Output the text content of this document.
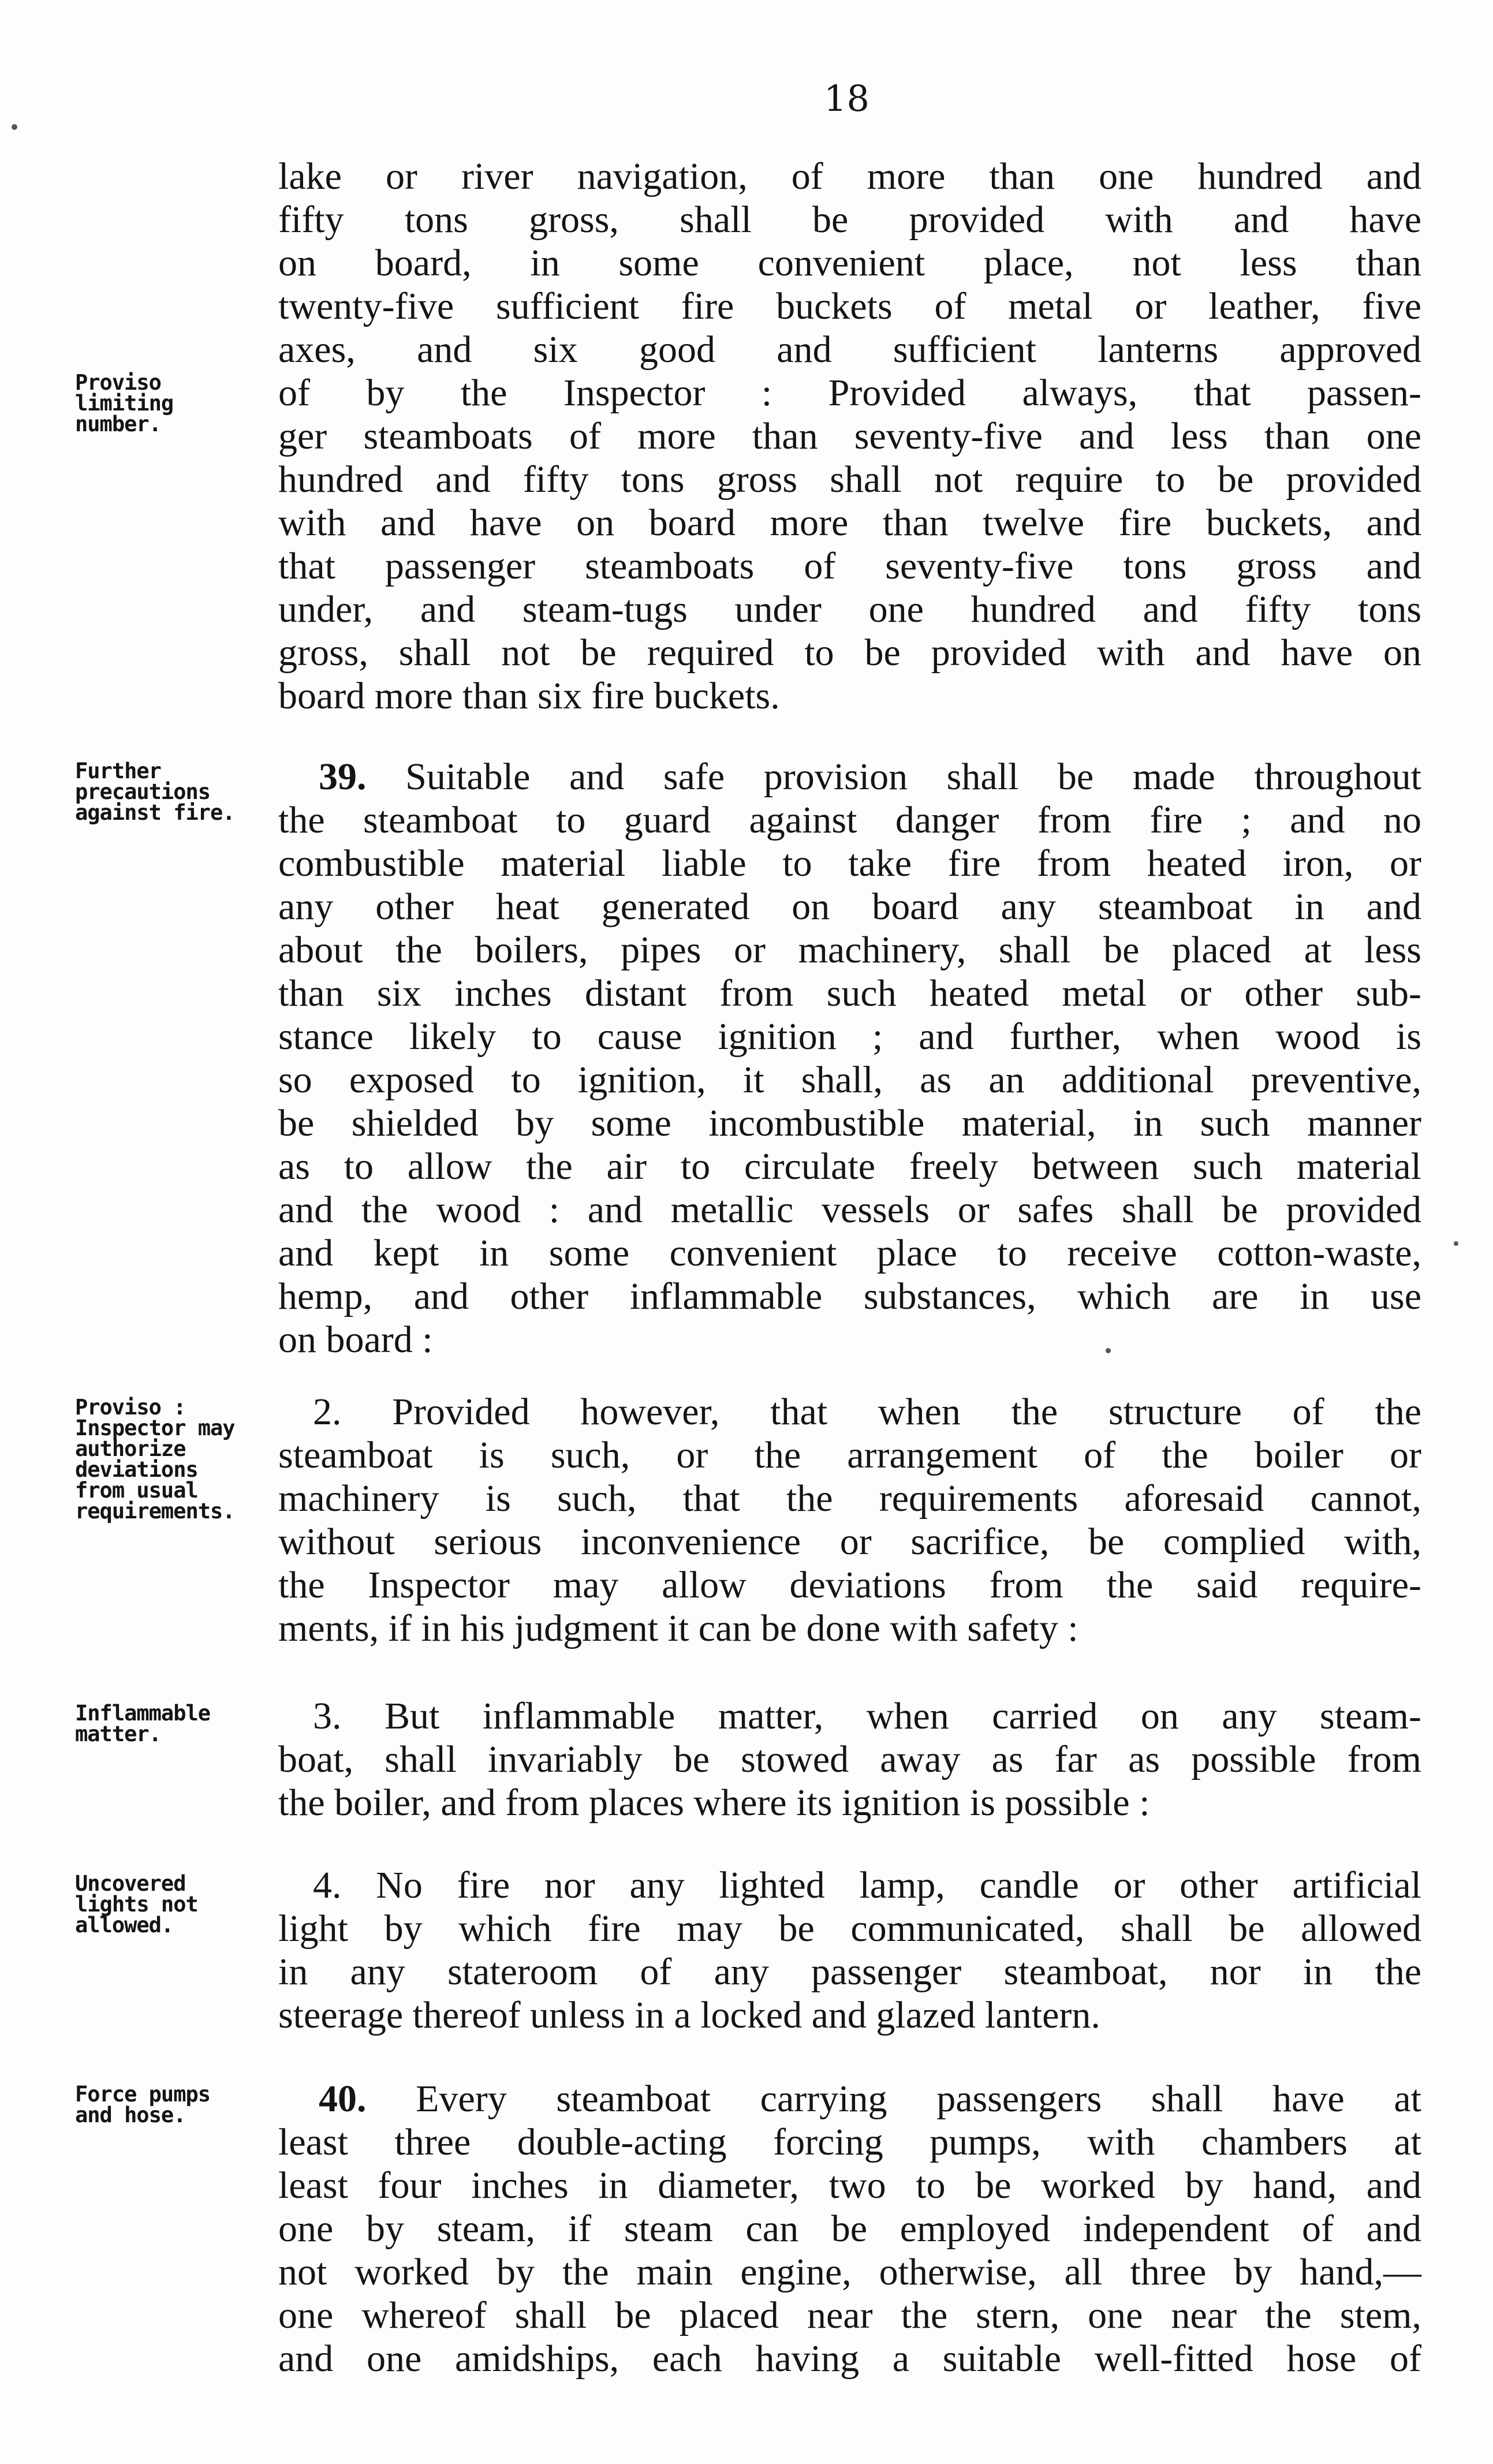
18
lake or river navigation, of more than one hundred and
fifty tons gross, shall be provided with and have
on board, in some convenient place, not less than
twenty-five sufficient fire buckets of metal or leather, five
axes, and six good and sufficient lanterns approved
of by the Inspector : Provided always, that passen-
ger steamboats of more than seventy-five and less than one
hundred and fifty tons gross shall not require to be provided
with and have on board more than twelve fire buckets, and
that passenger steamboats of seventy-five tons gross and
under, and steam-tugs under one hundred and fifty tons
gross, shall not be required to be provided with and have on
board more than six fire buckets.
Proviso
limiting
number.
Further
precautions
against fire.
39. Suitable and safe provision shall be made throughout
the steamboat to guard against danger from fire ; and no
combustible material liable to take fire from heated iron, or
any other heat generated on board any steamboat in and
about the boilers, pipes or machinery, shall be placed at less
than six inches distant from such heated metal or other sub-
stance likely to cause ignition ; and further, when wood is
so exposed to ignition, it shall, as an additional preventive,
be shielded by some incombustible material, in such manner
as to allow the air to circulate freely between such material
and the wood : and metallic vessels or safes shall be provided
and kept in some convenient place to receive cotton-waste,
hemp, and other inflammable substances, which are in use
on board :
Proviso :
Inspector may
authorize
deviations
from usual
requirements.
2. Provided however, that when the structure of the
steamboat is such, or the arrangement of the boiler or
machinery is such, that the requirements aforesaid cannot,
without serious inconvenience or sacrifice, be complied with,
the Inspector may allow deviations from the said require-
ments, if in his judgment it can be done with safety :
Inflammable
matter.	3. But inflammable matter, when carried on any steam-
boat, shall invariably be stowed away as far as possible from
the boiler, and from places where its ignition is possible :
Uncovered
lights not
allowed.
4. No fire nor any lighted lamp, candle or other artificial
light by which fire may be communicated, shall be allowed
in any stateroom of any passenger steamboat, nor in the
steerage thereof unless in a locked and glazed lantern.
Force pumps
and hose.	40. Every steamboat carrying passengers shall have at
least three double-acting forcing pumps, with chambers at
least four inches in diameter, two to be worked by hand, and
one by steam, if steam can be employed independent of and
not worked by the main engine, otherwise, all three by hand,—
one whereof shall be placed near the stern, one near the stem,
and one amidships, each having a suitable well-fitted hose of
